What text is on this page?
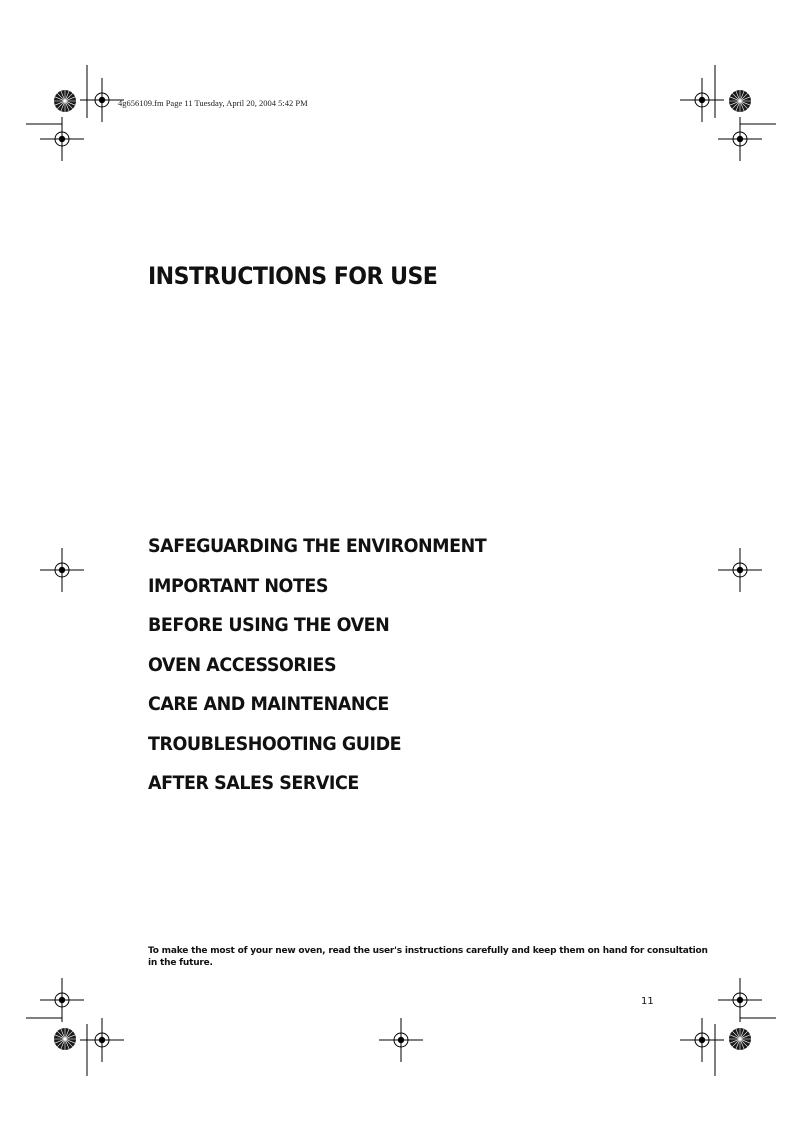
4g656109.fm Page 11 Tuesday, April 20, 2004 5:42 PM
INSTRUCTIONS FOR USE
SAFEGUARDING THE ENVIRONMENT
IMPORTANT NOTES
BEFORE USING THE OVEN
OVEN ACCESSORIES
CARE AND MAINTENANCE
TROUBLESHOOTING GUIDE
AFTER SALES SERVICE

To make the most of your new oven, read the user's instructions carefully and keep them on hand for consultation in the future.

11
